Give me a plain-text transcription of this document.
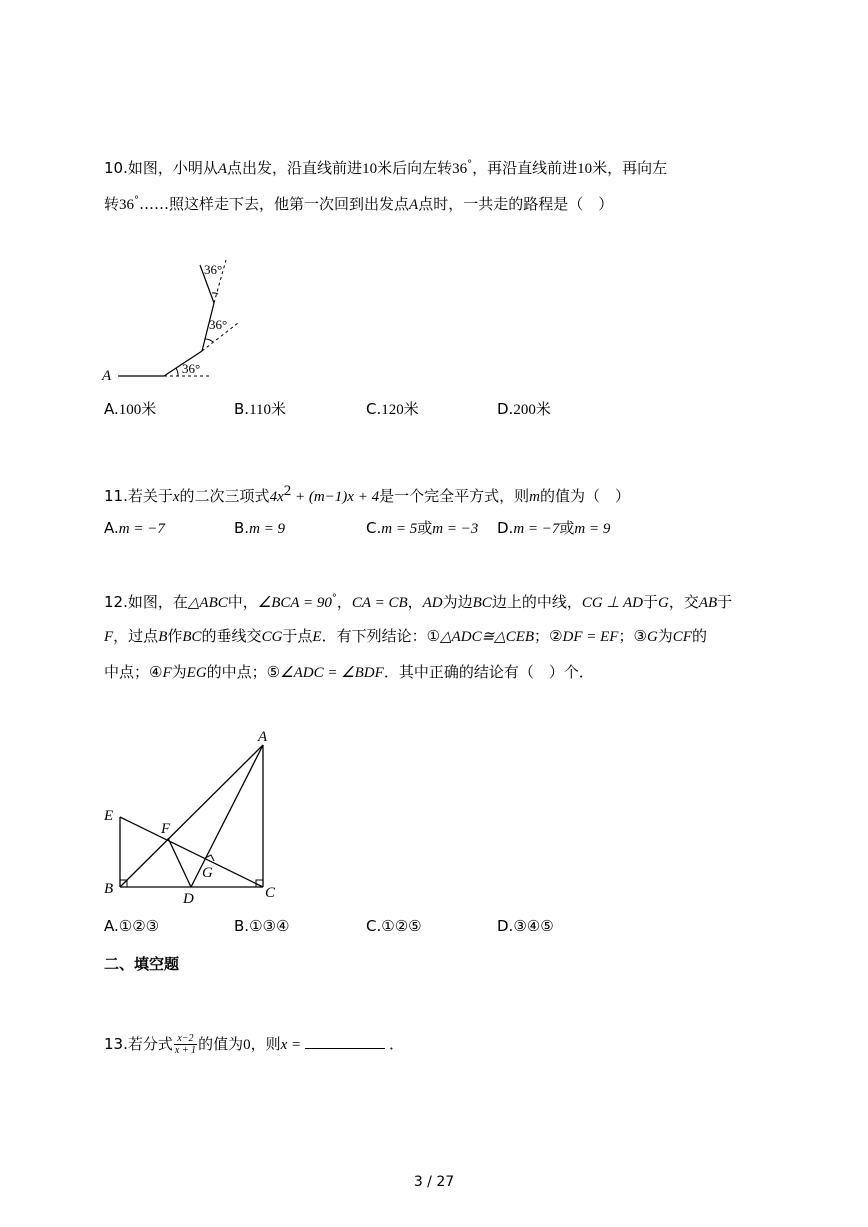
10.如图，小明从A点出发，沿直线前进10米后向左转36°，再沿直线前进10米，再向左
转36°……照这样走下去，他第一次回到出发点A点时，一共走的路程是（　）
A	36°
36°
36°
A.100米	B.110米	C.120米	D.200米
11.若关于x的二次三项式$4x^2 + (m-1)x + 4$是一个完全平方式，则m的值为（　）
A.m = −7	B.m = 9	C.m = 5或m = −3 D.m = −7或m = 9
12.如图，在△ABC中，∠BCA = 90°，CA = CB，AD为边BC边上的中线，CG ⊥ AD于G，交AB于
F，过点B作BC的垂线交CG于点E．有下列结论：①△ADC≅△CEB；②DF = EF；③G为CF的
中点；④F为EG的中点；⑤∠ADC = ∠BDF．其中正确的结论有（　）个．
A
B	C
D
E
F
G
A.①②③	B.①③④	C.①②⑤	D.③④⑤
二、填空题
13.若分式 $\frac{x-2}{x + 1}$ 的值为0，则x =	．
3 / 27
